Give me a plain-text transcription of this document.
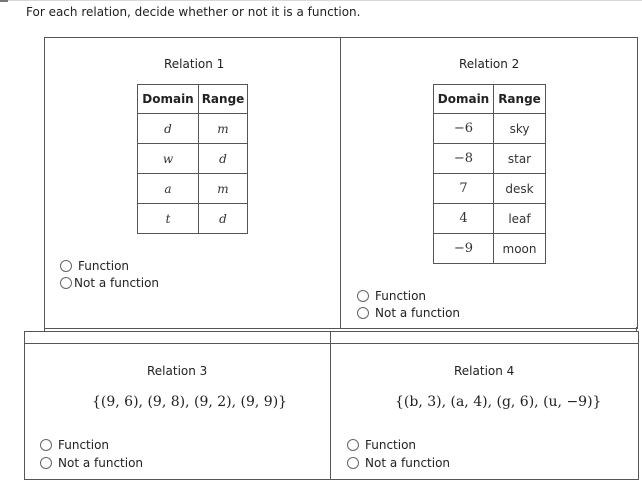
For each relation, decide whether or not it is a function.
Relation 1
Domain	Range
d	m
w	d
a	m
t	d
Function
Not a function
Relation 2
Domain	Range
−6	sky
−8	star
7	desk
4	leaf
−9	moon
Function
Not a function
Relation 3
{(9, 6), (9, 8), (9, 2), (9, 9)}
Function
Not a function
Relation 4
{(b, 3), (a, 4), (g, 6), (u, −9)}
Function
Not a function
